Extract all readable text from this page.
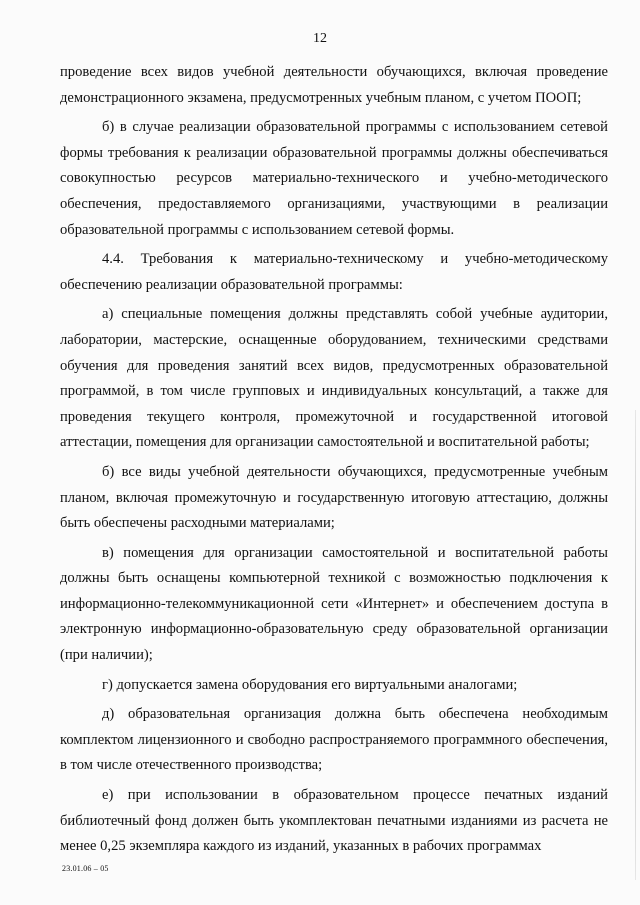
12

проведение всех видов учебной деятельности обучающихся, включая проведение демонстрационного экзамена, предусмотренных учебным планом, с учетом ПООП;

б) в случае реализации образовательной программы с использованием сетевой формы требования к реализации образовательной программы должны обеспечиваться совокупностью ресурсов материально-технического и учебно-методического обеспечения, предоставляемого организациями, участвующими в реализации образовательной программы с использованием сетевой формы.

4.4. Требования к материально-техническому и учебно-методическому обеспечению реализации образовательной программы:

а) специальные помещения должны представлять собой учебные аудитории, лаборатории, мастерские, оснащенные оборудованием, техническими средствами обучения для проведения занятий всех видов, предусмотренных образовательной программой, в том числе групповых и индивидуальных консультаций, а также для проведения текущего контроля, промежуточной и государственной итоговой аттестации, помещения для организации самостоятельной и воспитательной работы;

б) все виды учебной деятельности обучающихся, предусмотренные учебным планом, включая промежуточную и государственную итоговую аттестацию, должны быть обеспечены расходными материалами;

в) помещения для организации самостоятельной и воспитательной работы должны быть оснащены компьютерной техникой с возможностью подключения к информационно-телекоммуникационной сети «Интернет» и обеспечением доступа в электронную информационно-образовательную среду образовательной организации (при наличии);

г) допускается замена оборудования его виртуальными аналогами;

д) образовательная организация должна быть обеспечена необходимым комплектом лицензионного и свободно распространяемого программного обеспечения, в том числе отечественного производства;

е) при использовании в образовательном процессе печатных изданий библиотечный фонд должен быть укомплектован печатными изданиями из расчета не менее 0,25 экземпляра каждого из изданий, указанных в рабочих программах

23.01.06 – 05
